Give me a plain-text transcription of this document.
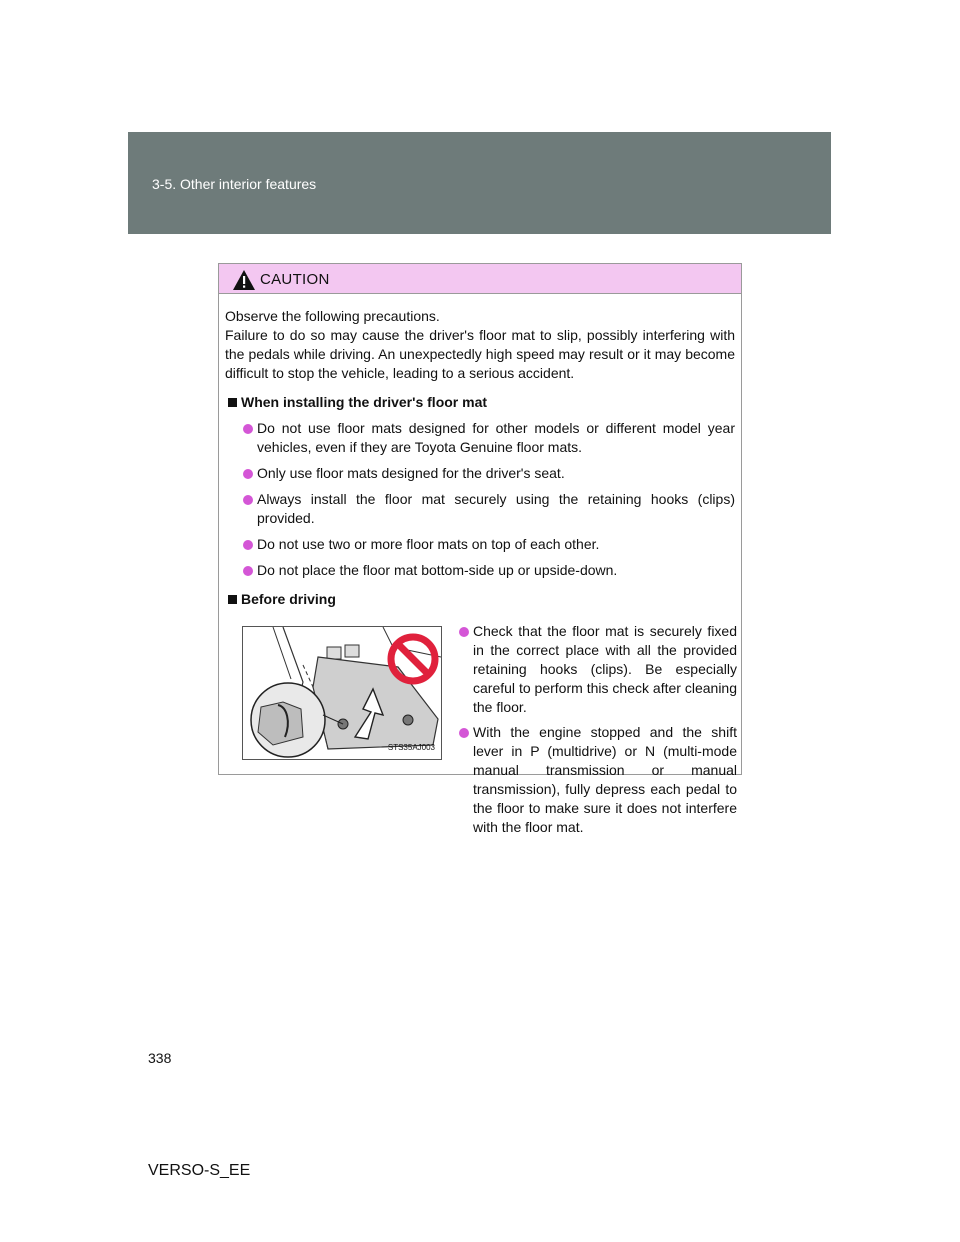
3-5. Other interior features
CAUTION

Observe the following precautions.

Failure to do so may cause the driver's floor mat to slip, possibly interfering with the pedals while driving. An unexpectedly high speed may result or it may become difficult to stop the vehicle, leading to a serious accident.

When installing the driver's floor mat
Do not use floor mats designed for other models or different model year vehicles, even if they are Toyota Genuine floor mats.
Only use floor mats designed for the driver's seat.
Always install the floor mat securely using the retaining hooks (clips) provided.
Do not use two or more floor mats on top of each other.
Do not place the floor mat bottom-side up or upside-down.
Before driving
STS35AJ003
Check that the floor mat is securely fixed in the correct place with all the provided retaining hooks (clips). Be especially careful to perform this check after cleaning the floor.
With the engine stopped and the shift lever in P (multidrive) or N (multi-mode manual transmission or manual transmission), fully depress each pedal to the floor to make sure it does not interfere with the floor mat.
338
VERSO-S_EE
